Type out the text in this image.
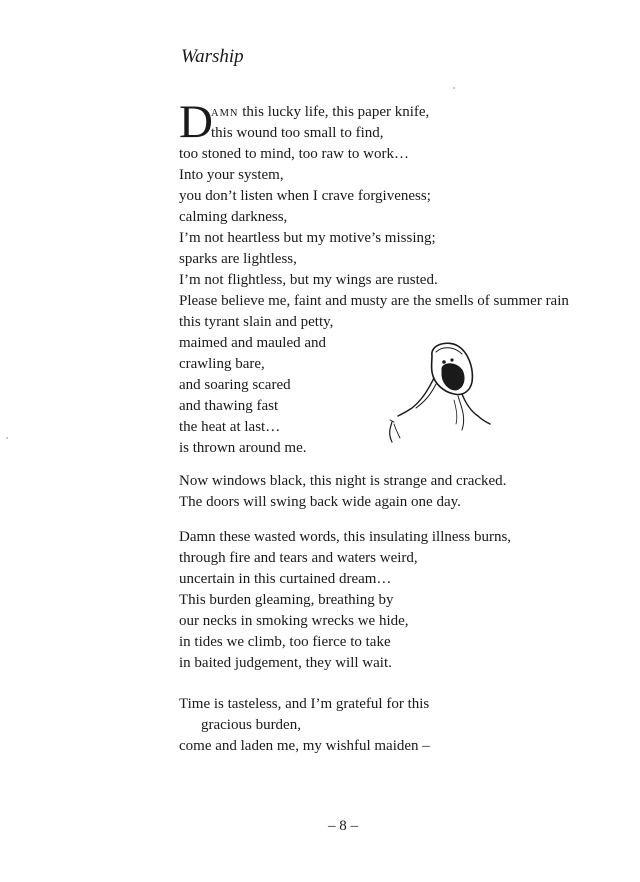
Warship
D
AMN this lucky life, this paper knife,
this wound too small to find,
too stoned to mind, too raw to work…
Into your system,
you don’t listen when I crave forgiveness;
calming darkness,
I’m not heartless but my motive’s missing;
sparks are lightless,
I’m not flightless, but my wings are rusted.
Please believe me, faint and musty are the smells of summer rain
this tyrant slain and petty,
maimed and mauled and
crawling bare,
and soaring scared
and thawing fast
the heat at last…
is thrown around me.
Now windows black, this night is strange and cracked.
The doors will swing back wide again one day.
Damn these wasted words, this insulating illness burns,
through fire and tears and waters weird,
uncertain in this curtained dream…
This burden gleaming, breathing by
our necks in smoking wrecks we hide,
in tides we climb, too fierce to take
in baited judgement, they will wait.
Time is tasteless, and I’m grateful for this
gracious burden,
come and laden me, my wishful maiden –
– 8 –
